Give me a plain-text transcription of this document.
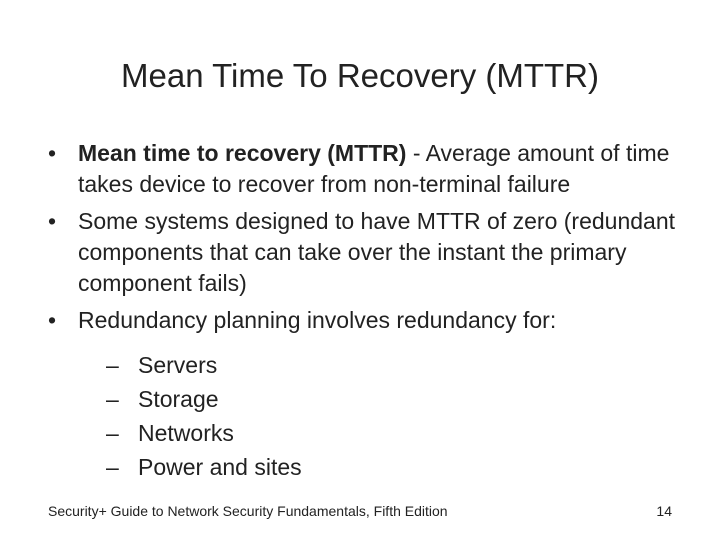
Mean Time To Recovery (MTTR)
• Mean time to recovery (MTTR) - Average amount of time takes device to recover from non-terminal failure
• Some systems designed to have MTTR of zero (redundant components that can take over the instant the primary component fails)
• Redundancy planning involves redundancy for:
– Servers
– Storage
– Networks
– Power and sites
Security+ Guide to Network Security Fundamentals, Fifth Edition	14
